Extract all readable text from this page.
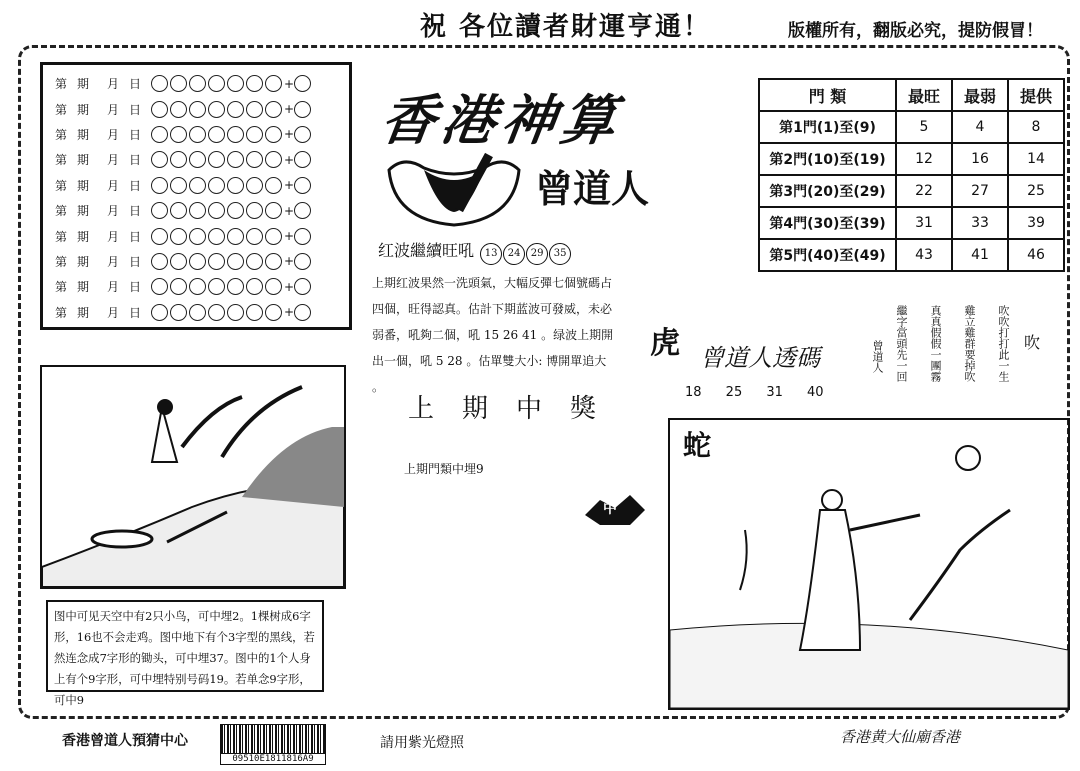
祝 各位讀者財運亨通！	版權所有，翻版必究，提防假冒！
第 期	月 日	+
第 期	月 日	+
第 期	月 日	+
第 期	月 日	+
第 期	月 日	+
第 期	月 日	+
第 期	月 日	+
第 期	月 日	+
第 期	月 日	+
第 期	月 日	+
香港神算
曾道人
門 類	最旺	最弱	提供
第1門(1)至(9)	5	4	8
第2門(10)至(19)	12	16	14
第3門(20)至(29)	22	27	25
第4門(30)至(39)	31	33	39
第5門(40)至(49)	43	41	46
红波繼續旺吼 13 24 29 35
上期红波果然一洗頭氣，大幅反彈七個號碼占四個，旺得認真。估計下期蓝波可發威，未必弱番，吼夠二個，吼 15 26 41 。绿波上期開出一個，吼 5 28 。估單雙大小: 博開單追大 。
上期中獎
上期門類中埋9
虎 曾道人透碼
18 25 31 40
吹吹打打此一生
雞立雞群要掉吹
真真假假一團霧
繼字當頭先一回
曾道人	吹
图中可见天空中有2只小鸟，可中埋2。1棵树成6字形，16也不会走鸡。图中地下有个3字型的黑线，若然连念成7字形的锄头，可中埋37。图中的1个人身上有个9字形，可中埋特别号码19。若单念9字形，可中9
中
蛇
香港曾道人預猜中心
09510E1811816A9
請用紫光燈照	香港黄大仙廟香港
